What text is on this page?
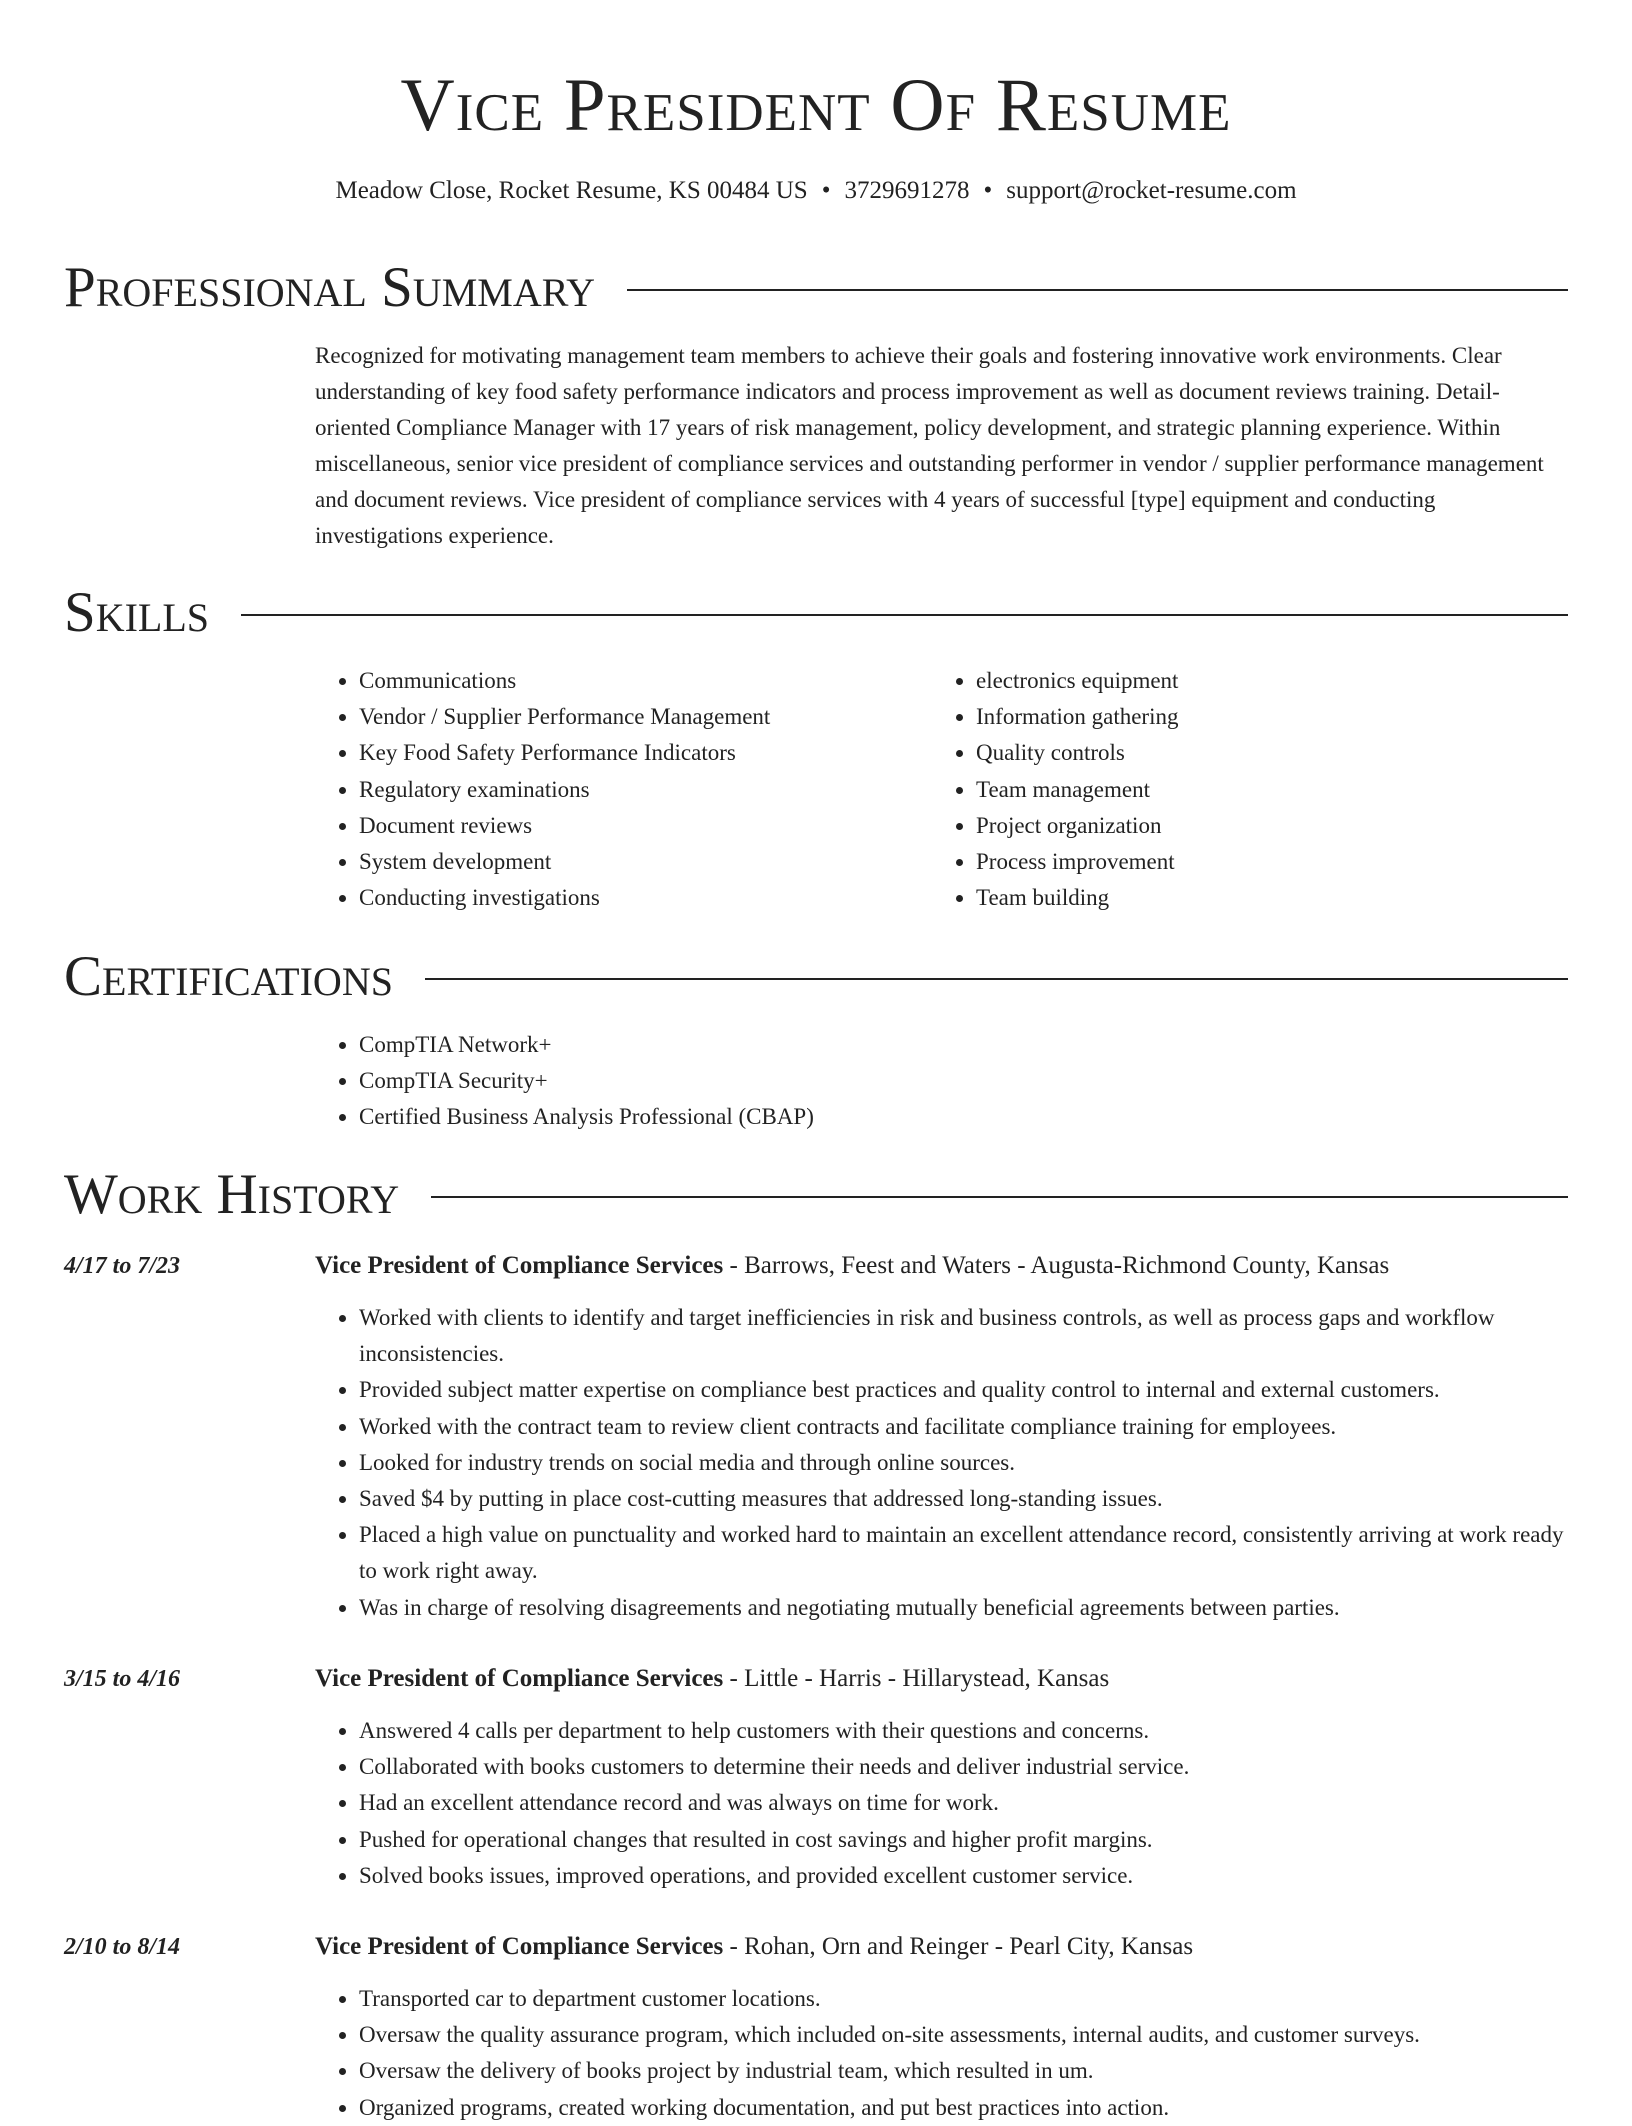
Vice President Of Resume
Meadow Close, Rocket Resume, KS 00484 US • 3729691278 • support@rocket-resume.com
Professional Summary

Recognized for motivating management team members to achieve their goals and fostering innovative work environments. Clear understanding of key food safety performance indicators and process improvement as well as document reviews training. Detail-oriented Compliance Manager with 17 years of risk management, policy development, and strategic planning experience. Within miscellaneous, senior vice president of compliance services and outstanding performer in vendor / supplier performance management and document reviews. Vice president of compliance services with 4 years of successful [type] equipment and conducting investigations experience.

Skills
• Communications
• Vendor / Supplier Performance Management
• Key Food Safety Performance Indicators
• Regulatory examinations
• Document reviews
• System development
• Conducting investigations
• electronics equipment
• Information gathering
• Quality controls
• Team management
• Project organization
• Process improvement
• Team building
Certifications
• CompTIA Network+
• CompTIA Security+
• Certified Business Analysis Professional (CBAP)
Work History
4/17 to 7/23	Vice President of Compliance Services - Barrows, Feest and Waters - Augusta-Richmond County, Kansas
• Worked with clients to identify and target inefficiencies in risk and business controls, as well as process gaps and workflow inconsistencies.
• Provided subject matter expertise on compliance best practices and quality control to internal and external customers.
• Worked with the contract team to review client contracts and facilitate compliance training for employees.
• Looked for industry trends on social media and through online sources.
• Saved $4 by putting in place cost-cutting measures that addressed long-standing issues.
• Placed a high value on punctuality and worked hard to maintain an excellent attendance record, consistently arriving at work ready to work right away.
• Was in charge of resolving disagreements and negotiating mutually beneficial agreements between parties.
3/15 to 4/16	Vice President of Compliance Services - Little - Harris - Hillarystead, Kansas
• Answered 4 calls per department to help customers with their questions and concerns.
• Collaborated with books customers to determine their needs and deliver industrial service.
• Had an excellent attendance record and was always on time for work.
• Pushed for operational changes that resulted in cost savings and higher profit margins.
• Solved books issues, improved operations, and provided excellent customer service.
2/10 to 8/14	Vice President of Compliance Services - Rohan, Orn and Reinger - Pearl City, Kansas
• Transported car to department customer locations.
• Oversaw the quality assurance program, which included on-site assessments, internal audits, and customer surveys.
• Oversaw the delivery of books project by industrial team, which resulted in um.
• Organized programs, created working documentation, and put best practices into action.
